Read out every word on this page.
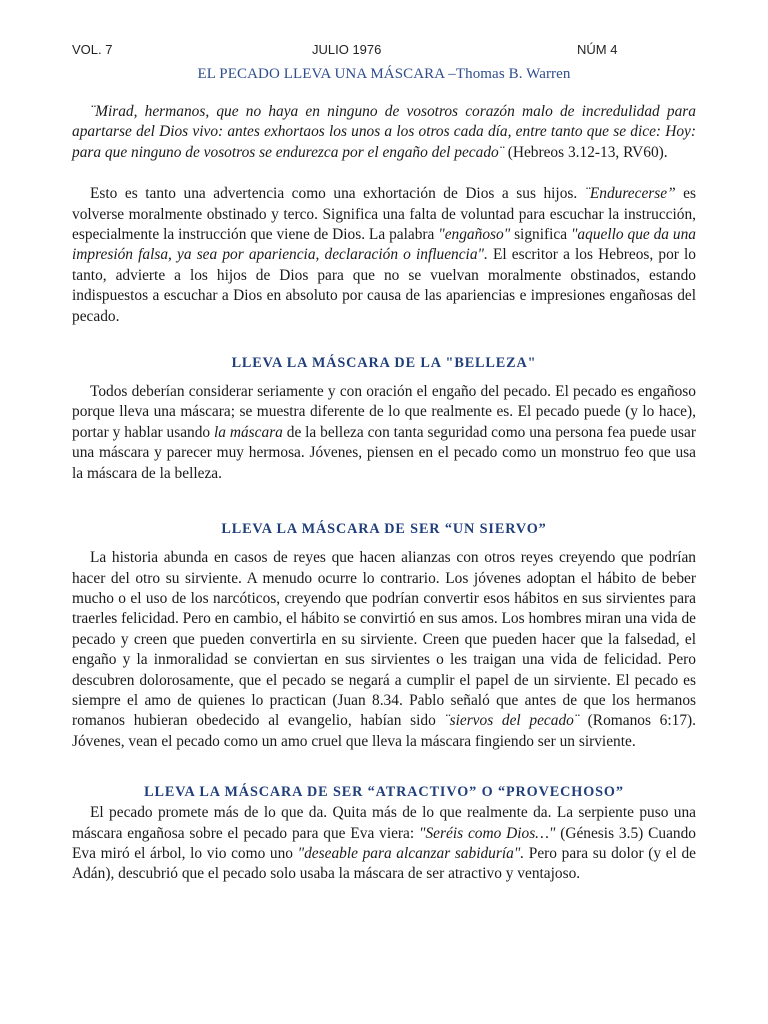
VOL. 7	JULIO 1976	NÚM 4
EL PECADO LLEVA UNA MÁSCARA –Thomas B. Warren

¨Mirad, hermanos, que no haya en ninguno de vosotros corazón malo de incredulidad para apartarse del Dios vivo: antes exhortaos los unos a los otros cada día, entre tanto que se dice: Hoy: para que ninguno de vosotros se endurezca por el engaño del pecado¨ (Hebreos 3.12-13, RV60).

Esto es tanto una advertencia como una exhortación de Dios a sus hijos. ¨Endurecerse” es volverse moralmente obstinado y terco. Significa una falta de voluntad para escuchar la instrucción, especialmente la instrucción que viene de Dios. La palabra "engañoso" significa "aquello que da una impresión falsa, ya sea por apariencia, declaración o influencia". El escritor a los Hebreos, por lo tanto, advierte a los hijos de Dios para que no se vuelvan moralmente obstinados, estando indispuestos a escuchar a Dios en absoluto por causa de las apariencias e impresiones engañosas del pecado.

LLEVA LA MÁSCARA DE LA "BELLEZA"

Todos deberían considerar seriamente y con oración el engaño del pecado. El pecado es engañoso porque lleva una máscara; se muestra diferente de lo que realmente es. El pecado puede (y lo hace), portar y hablar usando la máscara de la belleza con tanta seguridad como una persona fea puede usar una máscara y parecer muy hermosa. Jóvenes, piensen en el pecado como un monstruo feo que usa la máscara de la belleza.

LLEVA LA MÁSCARA DE SER “UN SIERVO”

La historia abunda en casos de reyes que hacen alianzas con otros reyes creyendo que podrían hacer del otro su sirviente. A menudo ocurre lo contrario. Los jóvenes adoptan el hábito de beber mucho o el uso de los narcóticos, creyendo que podrían convertir esos hábitos en sus sirvientes para traerles felicidad. Pero en cambio, el hábito se convirtió en sus amos. Los hombres miran una vida de pecado y creen que pueden convertirla en su sirviente. Creen que pueden hacer que la falsedad, el engaño y la inmoralidad se conviertan en sus sirvientes o les traigan una vida de felicidad. Pero descubren dolorosamente, que el pecado se negará a cumplir el papel de un sirviente. El pecado es siempre el amo de quienes lo practican (Juan 8.34. Pablo señaló que antes de que los hermanos romanos hubieran obedecido al evangelio, habían sido ¨siervos del pecado¨ (Romanos 6:17). Jóvenes, vean el pecado como un amo cruel que lleva la máscara fingiendo ser un sirviente.

LLEVA LA MÁSCARA DE SER “ATRACTIVO” O “PROVECHOSO”

El pecado promete más de lo que da. Quita más de lo que realmente da. La serpiente puso una máscara engañosa sobre el pecado para que Eva viera: "Seréis como Dios…" (Génesis 3.5) Cuando Eva miró el árbol, lo vio como uno "deseable para alcanzar sabiduría". Pero para su dolor (y el de Adán), descubrió que el pecado solo usaba la máscara de ser atractivo y ventajoso.
